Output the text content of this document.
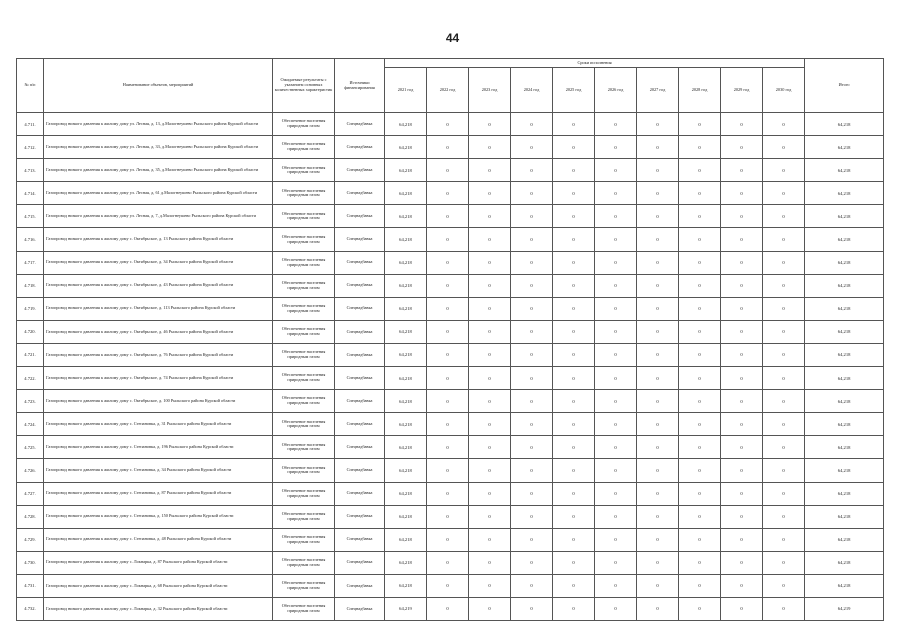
44
№ п/п	Наименование объектов, мероприятий	Ожидаемые результаты с указанием основных количественных характеристик	Источники финансирования	Сроки исполнения										Итого
				2021 год	2022 год	2023 год	2024 год	2025 год	2026 год	2027 год	2028 год	2029 год	2030 год	
4.711.	Газопровод низкого давления к жилому дому ул. Лесная, д. 13, д.Малогнеушево Рыльского района Курской области	Обеспечение населения природным газом	Спецнадбавка	64,218	0	0	0	0	0	0	0	0	0	64,218
4.712.	Газопровод низкого давления к жилому дому ул. Лесная, д. 33, д.Малогнеушево Рыльского района Курской области	Обеспечение населения природным газом	Спецнадбавка	64,218	0	0	0	0	0	0	0	0	0	64,218
4.713.	Газопровод низкого давления к жилому дому ул. Лесная, д. 35, д.Малогнеушево Рыльского района Курской области	Обеспечение населения природным газом	Спецнадбавка	64,218	0	0	0	0	0	0	0	0	0	64,218
4.714.	Газопровод низкого давления к жилому дому ул. Лесная, д. 61 д.Малогнеушево Рыльского района Курской области	Обеспечение населения природным газом	Спецнадбавка	64,218	0	0	0	0	0	0	0	0	0	64,218
4.715.	Газопровод низкого давления к жилому дому ул. Лесная, д. 7, д.Малогнеушево Рыльского района Курской области	Обеспечение населения природным газом	Спецнадбавка	64,218	0	0	0	0	0	0	0	0	0	64,218
4.716.	Газопровод низкого давления к жилому дому с. Октябрьское, д. 13 Рыльского района Курской области	Обеспечение населения природным газом	Спецнадбавка	64,218	0	0	0	0	0	0	0	0	0	64,218
4.717.	Газопровод низкого давления к жилому дому с. Октябрьское, д. 34 Рыльского района Курской области	Обеспечение населения природным газом	Спецнадбавка	64,218	0	0	0	0	0	0	0	0	0	64,218
4.718.	Газопровод низкого давления к жилому дому с. Октябрьское, д. 43 Рыльского района Курской области	Обеспечение населения природным газом	Спецнадбавка	64,218	0	0	0	0	0	0	0	0	0	64,218
4.719.	Газопровод низкого давления к жилому дому с. Октябрьское, д. 113 Рыльского района Курской области	Обеспечение населения природным газом	Спецнадбавка	64,218	0	0	0	0	0	0	0	0	0	64,218
4.720.	Газопровод низкого давления к жилому дому с. Октябрьское, д. 46 Рыльского района Курской области	Обеспечение населения природным газом	Спецнадбавка	64,218	0	0	0	0	0	0	0	0	0	64,218
4.721.	Газопровод низкого давления к жилому дому с. Октябрьское, д. 76 Рыльского района Курской области	Обеспечение населения природным газом	Спецнадбавка	64,218	0	0	0	0	0	0	0	0	0	64,218
4.722.	Газопровод низкого давления к жилому дому с. Октябрьское, д. 74 Рыльского района Курской области	Обеспечение населения природным газом	Спецнадбавка	64,218	0	0	0	0	0	0	0	0	0	64,218
4.723.	Газопровод низкого давления к жилому дому с. Октябрьское, д. 100 Рыльского района Курской области	Обеспечение населения природным газом	Спецнадбавка	64,218	0	0	0	0	0	0	0	0	0	64,218
4.724.	Газопровод низкого давления к жилому дому с. Степановка, д. 31 Рыльского района Курской области	Обеспечение населения природным газом	Спецнадбавка	64,218	0	0	0	0	0	0	0	0	0	64,218
4.725.	Газопровод низкого давления к жилому дому с. Степановка, д. 196 Рыльского района Курской области	Обеспечение населения природным газом	Спецнадбавка	64,218	0	0	0	0	0	0	0	0	0	64,218
4.726.	Газопровод низкого давления к жилому дому с. Степановка, д. 34 Рыльского района Курской области	Обеспечение населения природным газом	Спецнадбавка	64,218	0	0	0	0	0	0	0	0	0	64,218
4.727.	Газопровод низкого давления к жилому дому с. Степановка, д. 87 Рыльского района Курской области	Обеспечение населения природным газом	Спецнадбавка	64,218	0	0	0	0	0	0	0	0	0	64,218
4.728.	Газопровод низкого давления к жилому дому с. Степановка, д. 150 Рыльского района Курской области	Обеспечение населения природным газом	Спецнадбавка	64,218	0	0	0	0	0	0	0	0	0	64,218
4.729.	Газопровод низкого давления к жилому дому с. Степановка, д. 48 Рыльского района Курской области	Обеспечение населения природным газом	Спецнадбавка	64,218	0	0	0	0	0	0	0	0	0	64,218
4.730.	Газопровод низкого давления к жилому дому с. Локнарка, д. 87 Рыльского района Курской области	Обеспечение населения природным газом	Спецнадбавка	64,218	0	0	0	0	0	0	0	0	0	64,218
4.731.	Газопровод низкого давления к жилому дому с. Локнарка, д. 68 Рыльского района Курской области	Обеспечение населения природным газом	Спецнадбавка	64,218	0	0	0	0	0	0	0	0	0	64,218
4.732.	Газопровод низкого давления к жилому дому с. Локнарка, д. 32 Рыльского района Курской области	Обеспечение населения природным газом	Спецнадбавка	64,219	0	0	0	0	0	0	0	0	0	64,219
